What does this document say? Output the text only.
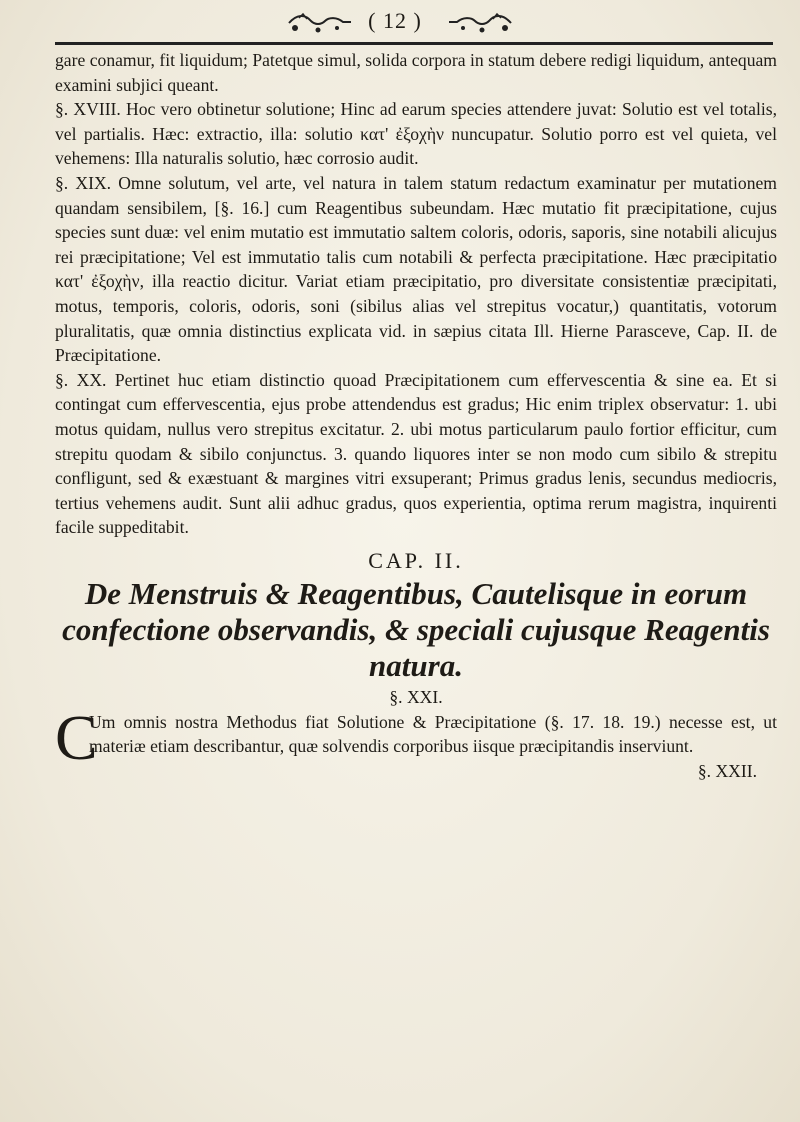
( 12 )

gare conamur, fit liquidum; Patetque simul, solida corpora in statum debere redigi liquidum, antequam examini subjici queant.

§. XVIII. Hoc vero obtinetur solutione; Hinc ad earum species attendere juvat: Solutio est vel totalis, vel partialis. Hæc: extractio, illa: solutio κατ' ἐξοχὴν nuncupatur. Solutio porro est vel quieta, vel vehemens: Illa naturalis solutio, hæc corrosio audit.

§. XIX. Omne solutum, vel arte, vel natura in talem statum redactum examinatur per mutationem quandam sensibilem, [§. 16.] cum Reagentibus subeundam. Hæc mutatio fit præcipitatione, cujus species sunt duæ: vel enim mutatio est immutatio saltem coloris, odoris, saporis, sine notabili alicujus rei præcipitatione; Vel est immutatio talis cum notabili & perfecta præcipitatione. Hæc præcipitatio κατ' ἐξοχὴν, illa reactio dicitur. Variat etiam præcipitatio, pro diversitate consistentiæ præcipitati, motus, temporis, coloris, odoris, soni (sibilus alias vel strepitus vocatur,) quantitatis, votorum pluralitatis, quæ omnia distinctius explicata vid. in sæpius citata Ill. Hierne Parasceve, Cap. II. de Præcipitatione.

§. XX. Pertinet huc etiam distinctio quoad Præcipitationem cum effervescentia & sine ea. Et si contingat cum effervescentia, ejus probe attendendus est gradus; Hic enim triplex observatur: 1. ubi motus quidam, nullus vero strepitus excitatur. 2. ubi motus particularum paulo fortior efficitur, cum strepitu quodam & sibilo conjunctus. 3. quando liquores inter se non modo cum sibilo & strepitu confligunt, sed & exæstuant & margines vitri exsuperant; Primus gradus lenis, secundus mediocris, tertius vehemens audit. Sunt alii adhuc gradus, quos experientia, optima rerum magistra, inquirenti facile suppeditabit.

CAP. II.
De Menstruis & Reagentibus, Cautelisque in eorum confectione observandis, & speciali cujusque Reagentis natura.
§. XXI.

C
Um omnis nostra Methodus fiat Solutione & Præcipitatione (§. 17. 18. 19.) necesse est, ut materiæ etiam describantur, quæ solvendis corporibus iisque præcipitandis inserviunt.

§. XXII.
